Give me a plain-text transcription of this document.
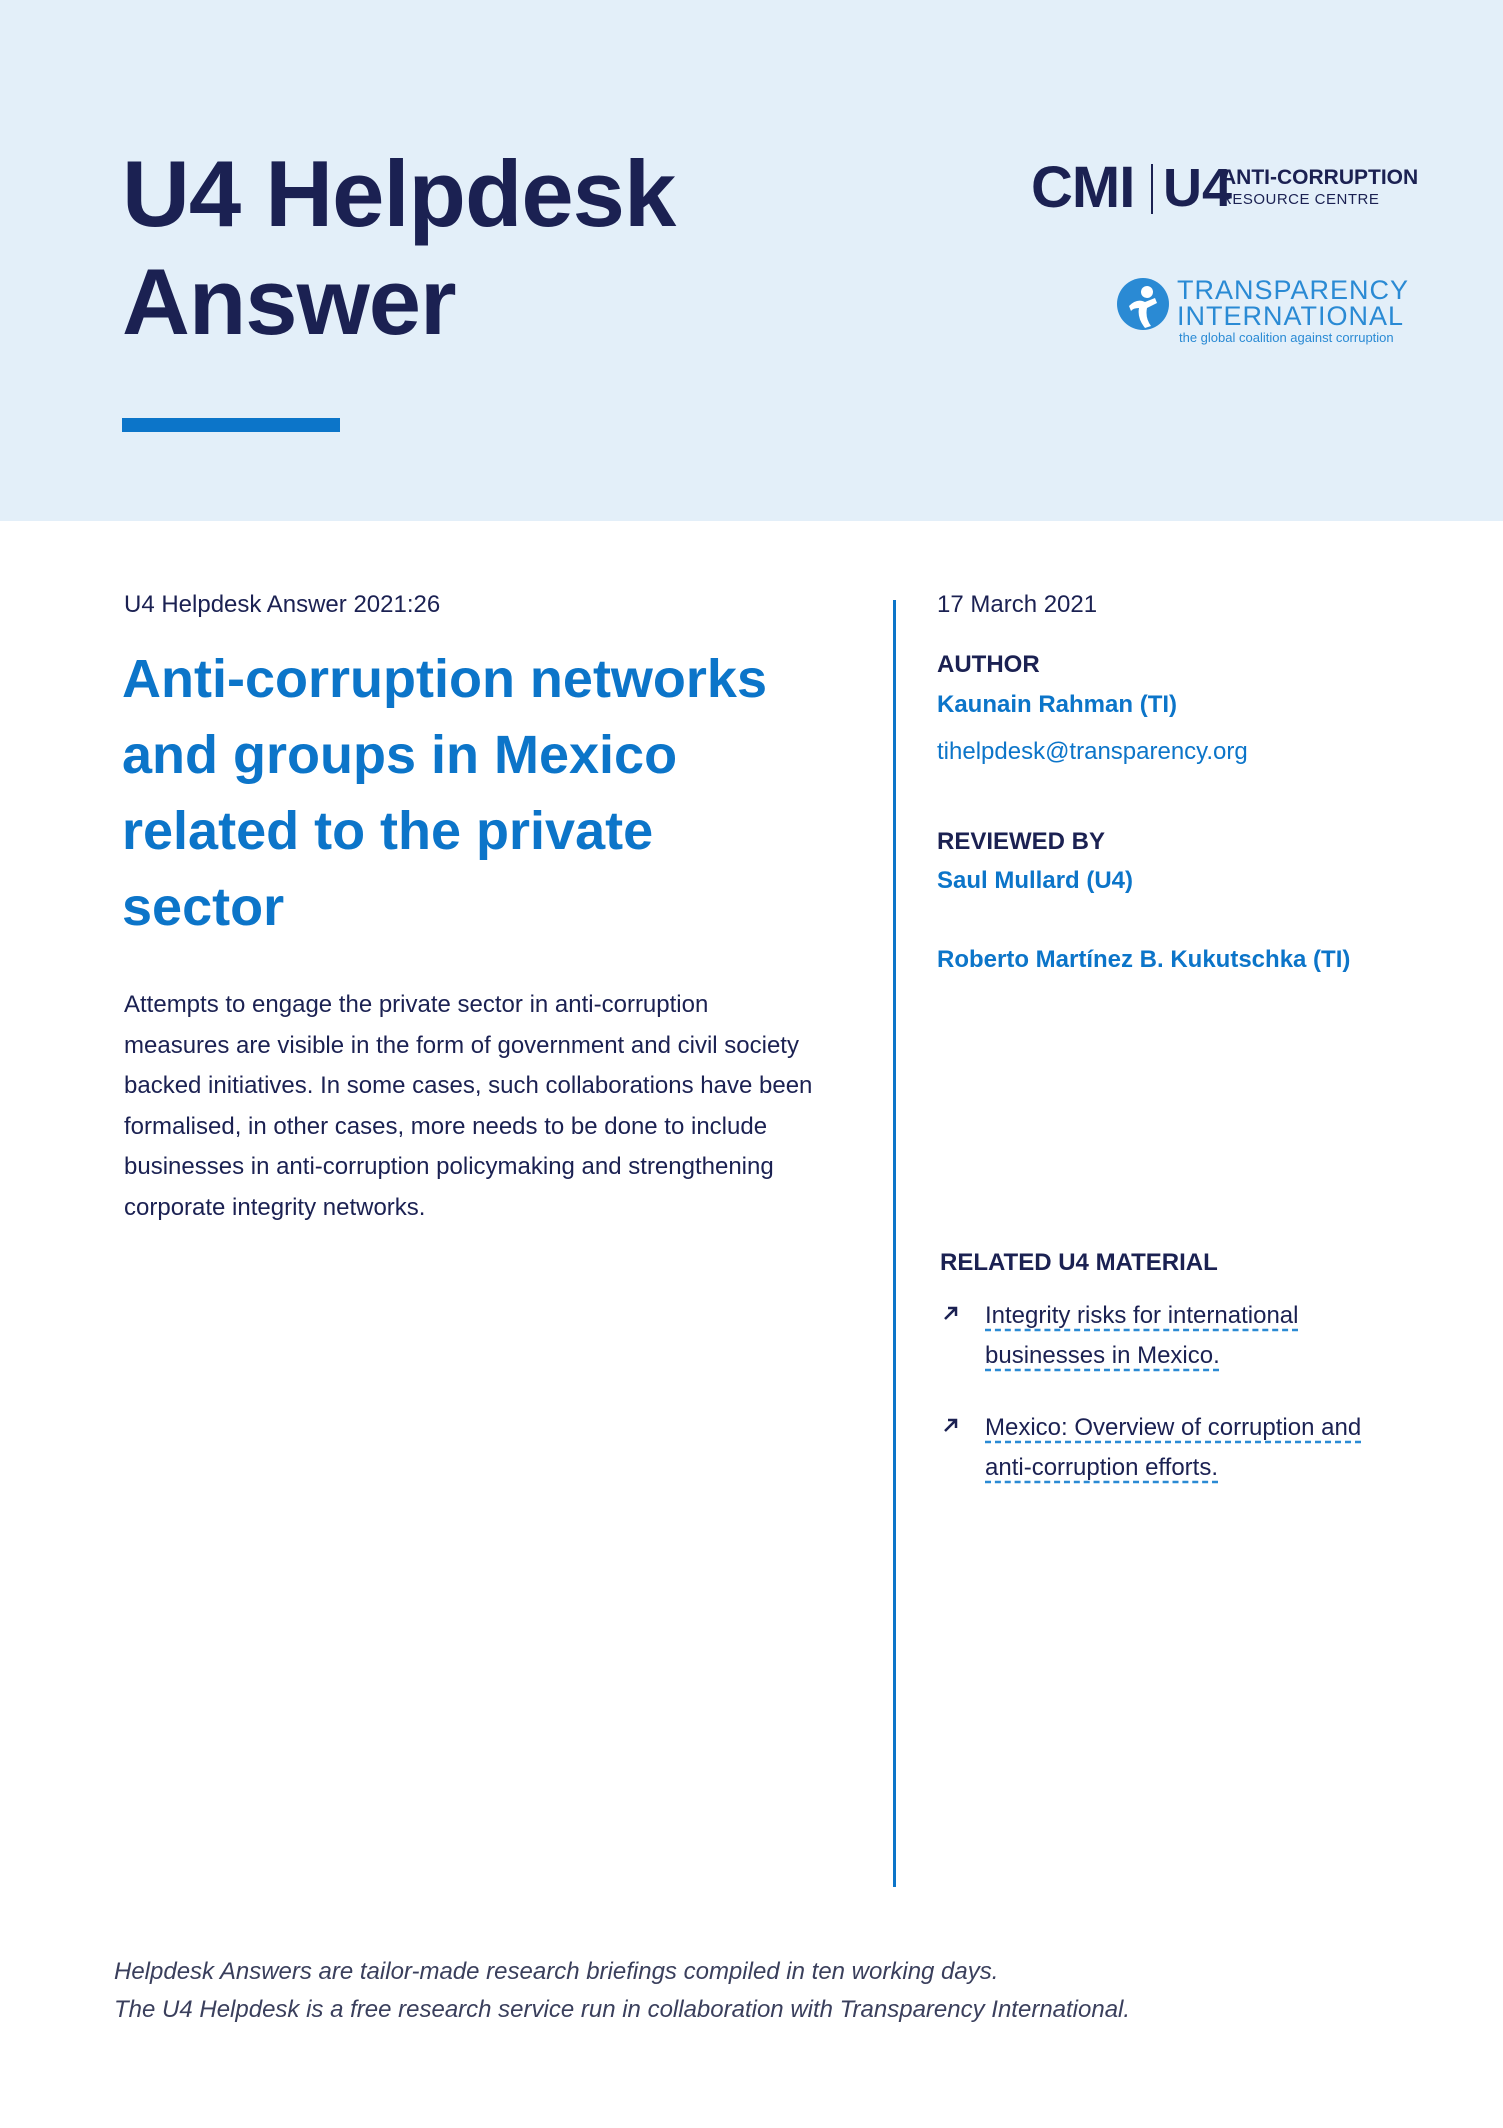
U4 Helpdesk
Answer
CMI U4
ANTI-CORRUPTION
RESOURCE CENTRE
TRANSPARENCY
INTERNATIONAL
the global coalition against corruption
U4 Helpdesk Answer 2021:26
Anti-corruption networks and groups in Mexico related to the private sector

Attempts to engage the private sector in anti-corruption measures are visible in the form of government and civil society backed initiatives. In some cases, such collaborations have been formalised, in other cases, more needs to be done to include businesses in anti-corruption policymaking and strengthening corporate integrity networks.

17 March 2021
AUTHOR
Kaunain Rahman (TI)
tihelpdesk@transparency.org
REVIEWED BY
Saul Mullard (U4)
Roberto Martínez B. Kukutschka (TI)
RELATED U4 MATERIAL
Integrity risks for international businesses in Mexico.
Mexico: Overview of corruption and anti-corruption efforts.
Helpdesk Answers are tailor-made research briefings compiled in ten working days.
The U4 Helpdesk is a free research service run in collaboration with Transparency International.
